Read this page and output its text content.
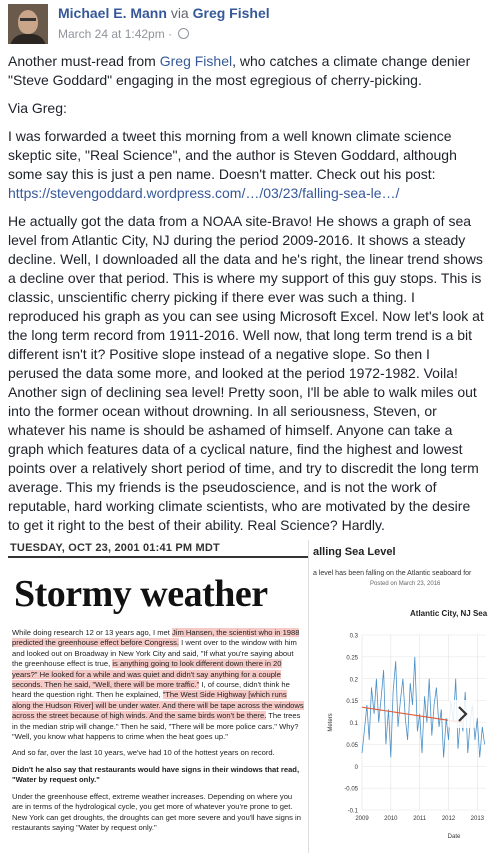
Michael E. Mann via Greg Fishel
March 24 at 1:42pm ·

Another must-read from Greg Fishel, who catches a climate change denier "Steve Goddard" engaging in the most egregious of cherry-picking.

Via Greg:

I was forwarded a tweet this morning from a well known climate science skeptic site, "Real Science", and the author is Steven Goddard, although some say this is just a pen name. Doesn't matter. Check out his post: https://stevengoddard.wordpress.com/…/03/23/falling-sea-le…/

He actually got the data from a NOAA site-Bravo! He shows a graph of sea level from Atlantic City, NJ during the period 2009-2016. It shows a steady decline. Well, I downloaded all the data and he's right, the linear trend shows a decline over that period. This is where my support of this guy stops. This is classic, unscientific cherry picking if there ever was such a thing. I reproduced his graph as you can see using Microsoft Excel. Now let's look at the long term record from 1911-2016. Well now, that long term trend is a bit different isn't it? Positive slope instead of a negative slope. So then I perused the data some more, and looked at the period 1972-1982. Voila! Another sign of declining sea level! Pretty soon, I'll be able to walk miles out into the former ocean without drowning. In all seriousness, Steven, or whatever his name is should be ashamed of himself. Anyone can take a graph which features data of a cyclical nature, find the highest and lowest points over a relatively short period of time, and try to discredit the long term average. This my friends is the pseudoscience, and is not the work of reputable, hard working climate scientists, who are motivated by the desire to get it right to the best of their ability. Real Science? Hardly.

TUESDAY, OCT 23, 2001 01:41 PM MDT
Stormy weather

While doing research 12 or 13 years ago, I met Jim Hansen, the scientist who in 1988 predicted the greenhouse effect before Congress. I went over to the window with him and looked out on Broadway in New York City and said, "If what you're saying about the greenhouse effect is true, is anything going to look different down there in 20 years?" He looked for a while and was quiet and didn't say anything for a couple seconds. Then he said, "Well, there will be more traffic." I, of course, didn't think he heard the question right. Then he explained, "The West Side Highway [which runs along the Hudson River] will be under water. And there will be tape across the windows across the street because of high winds. And the same birds won't be there. The trees in the median strip will change." Then he said, "There will be more police cars." Why? "Well, you know what happens to crime when the heat goes up."

And so far, over the last 10 years, we've had 10 of the hottest years on record.

Didn't he also say that restaurants would have signs in their windows that read, "Water by request only."

Under the greenhouse effect, extreme weather increases. Depending on where you are in terms of the hydrological cycle, you get more of whatever you're prone to get. New York can get droughts, the droughts can get more severe and you'll have signs in restaurants saying "Water by request only."

alling Sea Level
a level has been falling on the Atlantic seaboard for
Posted on March 23, 2016
Atlantic City, NJ Sea
0.3
0.25
0.2
0.15
0.1
0.05
0
-0.05
-0.1
2009	2010	2011	2012	2013
Meters
Date
